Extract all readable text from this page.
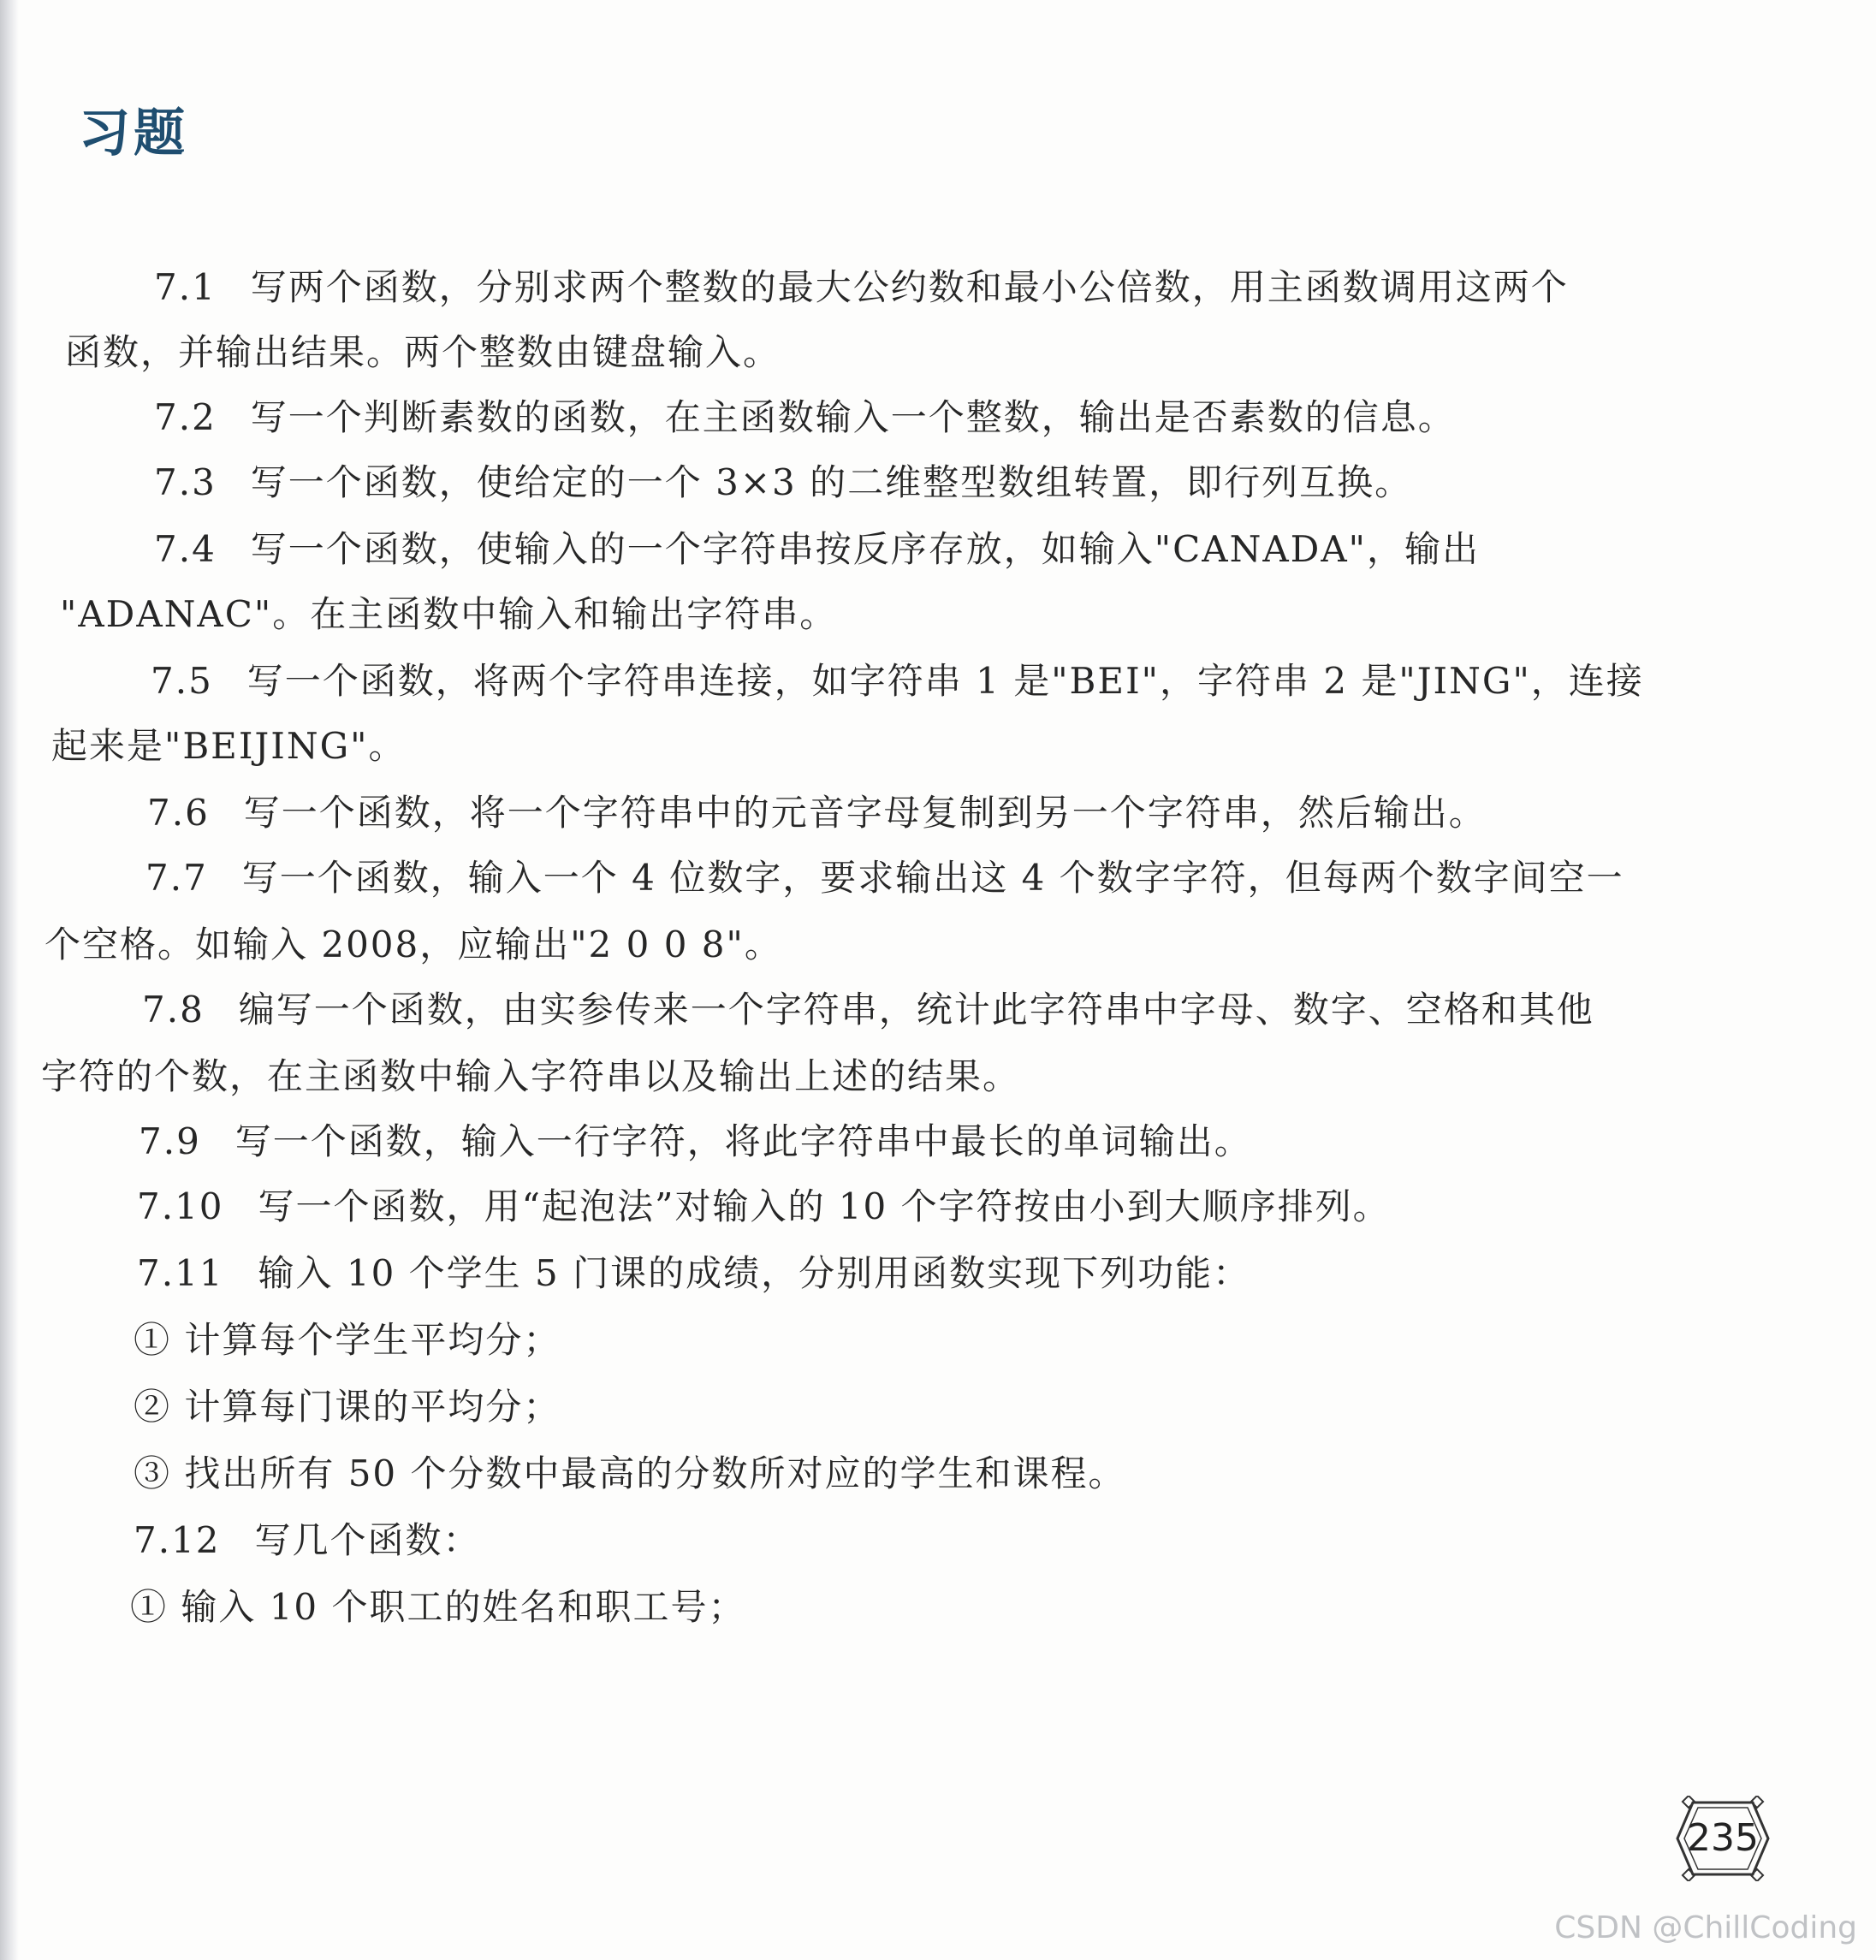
习题
7.1 写两个函数，分别求两个整数的最大公约数和最小公倍数，用主函数调用这两个
函数，并输出结果。两个整数由键盘输入。
7.2 写一个判断素数的函数，在主函数输入一个整数，输出是否素数的信息。
7.3 写一个函数，使给定的一个 3×3 的二维整型数组转置，即行列互换。
7.4 写一个函数，使输入的一个字符串按反序存放，如输入"CANADA"，输出
"ADANAC"。在主函数中输入和输出字符串。
7.5 写一个函数，将两个字符串连接，如字符串 1 是"BEI"，字符串 2 是"JING"，连接
起来是"BEIJING"。
7.6 写一个函数，将一个字符串中的元音字母复制到另一个字符串，然后输出。
7.7 写一个函数，输入一个 4 位数字，要求输出这 4 个数字字符，但每两个数字间空一
个空格。如输入 2008，应输出"2 0 0 8"。
7.8 编写一个函数，由实参传来一个字符串，统计此字符串中字母、数字、空格和其他
字符的个数，在主函数中输入字符串以及输出上述的结果。
7.9 写一个函数，输入一行字符，将此字符串中最长的单词输出。
7.10 写一个函数，用“起泡法”对输入的 10 个字符按由小到大顺序排列。
7.11 输入 10 个学生 5 门课的成绩，分别用函数实现下列功能：
① 计算每个学生平均分；
② 计算每门课的平均分；
③ 找出所有 50 个分数中最高的分数所对应的学生和课程。
7.12 写几个函数：
① 输入 10 个职工的姓名和职工号；
235
CSDN @ChillCoding
